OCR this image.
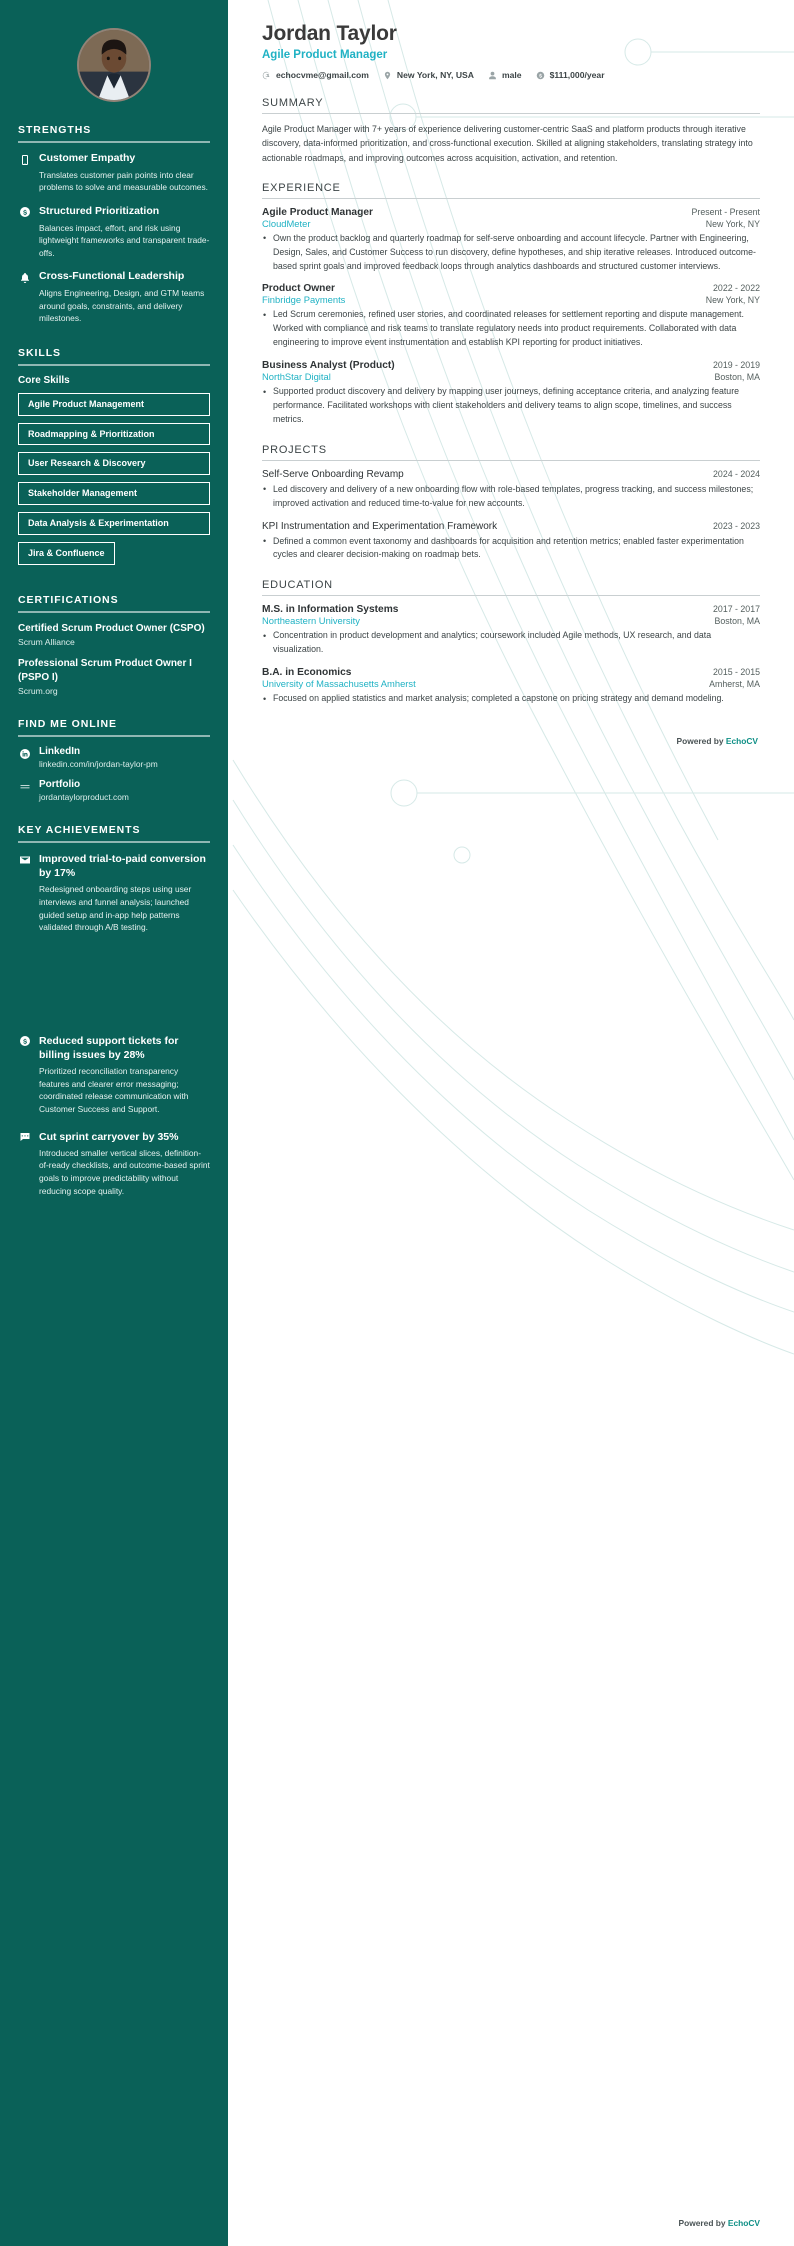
STRENGTHS
Customer Empathy
Translates customer pain points into clear problems to solve and measurable outcomes.
Structured Prioritization
Balances impact, effort, and risk using lightweight frameworks and transparent trade-offs.
Cross-Functional Leadership
Aligns Engineering, Design, and GTM teams around goals, constraints, and delivery milestones.
SKILLS
Core Skills
Agile Product Management
Roadmapping & Prioritization
User Research & Discovery
Stakeholder Management
Data Analysis & Experimentation
Jira & Confluence
CERTIFICATIONS
Certified Scrum Product Owner (CSPO)
Scrum Alliance
Professional Scrum Product Owner I (PSPO I)
Scrum.org
FIND ME ONLINE
LinkedIn
linkedin.com/in/jordan-taylor-pm
Portfolio
jordantaylorproduct.com
KEY ACHIEVEMENTS
Improved trial-to-paid conversion by 17%
Redesigned onboarding steps using user interviews and funnel analysis; launched guided setup and in-app help patterns validated through A/B testing.
Reduced support tickets for billing issues by 28%
Prioritized reconciliation transparency features and clearer error messaging; coordinated release communication with Customer Success and Support.
Cut sprint carryover by 35%
Introduced smaller vertical slices, definition-of-ready checklists, and outcome-based sprint goals to improve predictability without reducing scope quality.
Jordan Taylor
Agile Product Manager
echocvme@gmail.com	New York, NY, USA	male	$111,000/year
SUMMARY

Agile Product Manager with 7+ years of experience delivering customer-centric SaaS and platform products through iterative discovery, data-informed prioritization, and cross-functional execution. Skilled at aligning stakeholders, translating strategy into actionable roadmaps, and improving outcomes across acquisition, activation, and retention.

EXPERIENCE
Agile Product Manager	Present - Present
CloudMeter	New York, NY
• Own the product backlog and quarterly roadmap for self-serve onboarding and account lifecycle. Partner with Engineering, Design, Sales, and Customer Success to run discovery, define hypotheses, and ship iterative releases. Introduced outcome-based sprint goals and improved feedback loops through analytics dashboards and structured customer interviews.
Product Owner	2022 - 2022
Finbridge Payments	New York, NY
• Led Scrum ceremonies, refined user stories, and coordinated releases for settlement reporting and dispute management. Worked with compliance and risk teams to translate regulatory needs into product requirements. Collaborated with data engineering to improve event instrumentation and establish KPI reporting for product initiatives.
Business Analyst (Product)	2019 - 2019
NorthStar Digital	Boston, MA
• Supported product discovery and delivery by mapping user journeys, defining acceptance criteria, and analyzing feature performance. Facilitated workshops with client stakeholders and delivery teams to align scope, timelines, and success metrics.
PROJECTS
Self-Serve Onboarding Revamp	2024 - 2024
• Led discovery and delivery of a new onboarding flow with role-based templates, progress tracking, and success milestones; improved activation and reduced time-to-value for new accounts.
KPI Instrumentation and Experimentation Framework	2023 - 2023
• Defined a common event taxonomy and dashboards for acquisition and retention metrics; enabled faster experimentation cycles and clearer decision-making on roadmap bets.
EDUCATION
M.S. in Information Systems	2017 - 2017
Northeastern University	Boston, MA
• Concentration in product development and analytics; coursework included Agile methods, UX research, and data visualization.
B.A. in Economics	2015 - 2015
University of Massachusetts Amherst	Amherst, MA
• Focused on applied statistics and market analysis; completed a capstone on pricing strategy and demand modeling.
Powered by EchoCV
Powered by EchoCV
